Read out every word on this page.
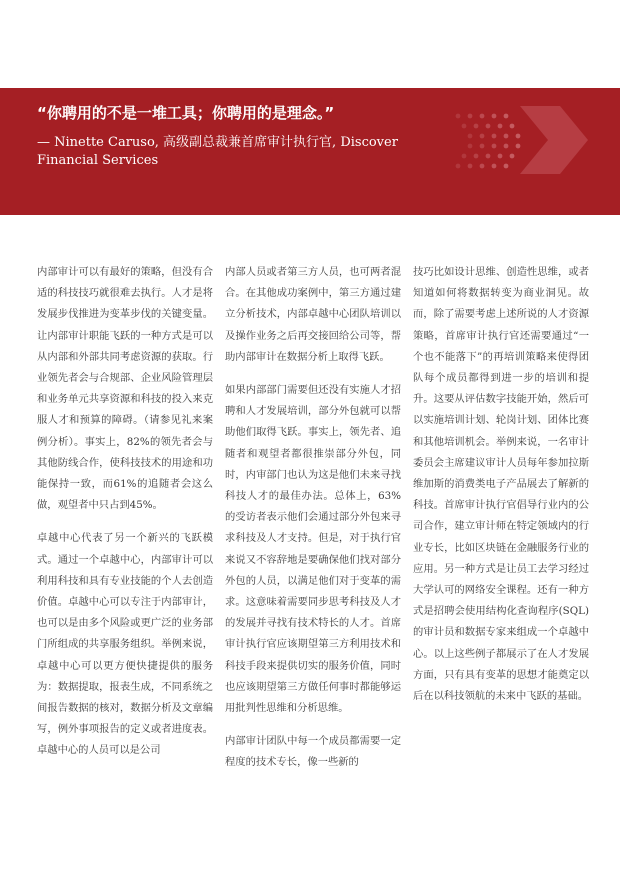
“你聘用的不是一堆工具；你聘用的是理念。”
— Ninette Caruso, 高级副总裁兼首席审计执行官, Discover Financial Services

内部审计可以有最好的策略，但没有合适的科技技巧就很难去执行。人才是将发展步伐推进为变革步伐的关键变量。让内部审计职能飞跃的一种方式是可以从内部和外部共同考虑资源的获取。行业领先者会与合规部、企业风险管理层和业务单元共享资源和科技的投入来克服人才和预算的障碍。（请参见礼来案例分析）。事实上，82%的领先者会与其他防线合作，使科技技术的用途和功能保持一致，而61%的追随者会这么做，观望者中只占到45%。

卓越中心代表了另一个新兴的飞跃模式。通过一个卓越中心，内部审计可以利用科技和具有专业技能的个人去创造价值。卓越中心可以专注于内部审计，也可以是由多个风险或更广泛的业务部门所组成的共享服务组织。举例来说，卓越中心可以更方便快捷提供的服务为：数据提取，报表生成，不同系统之间报告数据的核对，数据分析及文章编写，例外事项报告的定义或者进度表。卓越中心的人员可以是公司

内部人员或者第三方人员，也可两者混合。在其他成功案例中，第三方通过建立分析技术，内部卓越中心团队培训以及操作业务之后再交接回给公司等，帮助内部审计在数据分析上取得飞跃。

如果内部部门需要但还没有实施人才招聘和人才发展培训，部分外包就可以帮助他们取得飞跃。事实上，领先者、追随者和观望者都很推崇部分外包，同时，内审部门也认为这是他们未来寻找科技人才的最佳办法。总体上，63%的受访者表示他们会通过部分外包来寻求科技及人才支持。但是，对于执行官来说又不容辞地是要确保他们找对部分外包的人员，以满足他们对于变革的需求。这意味着需要同步思考科技及人才的发展并寻找有技术特长的人才。首席审计执行官应该期望第三方利用技术和科技手段来提供切实的服务价值，同时也应该期望第三方做任何事时都能够运用批判性思维和分析思维。

内部审计团队中每一个成员都需要一定程度的技术专长，像一些新的

技巧比如设计思维、创造性思维，或者知道如何将数据转变为商业洞见。故而，除了需要考虑上述所说的人才资源策略，首席审计执行官还需要通过“一个也不能落下”的再培训策略来使得团队每个成员都得到进一步的培训和提升。这要从评估数字技能开始，然后可以实施培训计划、轮岗计划、团体比赛和其他培训机会。举例来说，一名审计委员会主席建议审计人员每年参加拉斯维加斯的消费类电子产品展去了解新的科技。首席审计执行官倡导行业内的公司合作，建立审计师在特定领域内的行业专长，比如区块链在金融服务行业的应用。另一种方式是让员工去学习经过大学认可的网络安全课程。还有一种方式是招聘会使用结构化查询程序(SQL)的审计员和数据专家来组成一个卓越中心。以上这些例子都展示了在人才发展方面，只有具有变革的思想才能奠定以后在以科技领航的未来中飞跃的基础。
